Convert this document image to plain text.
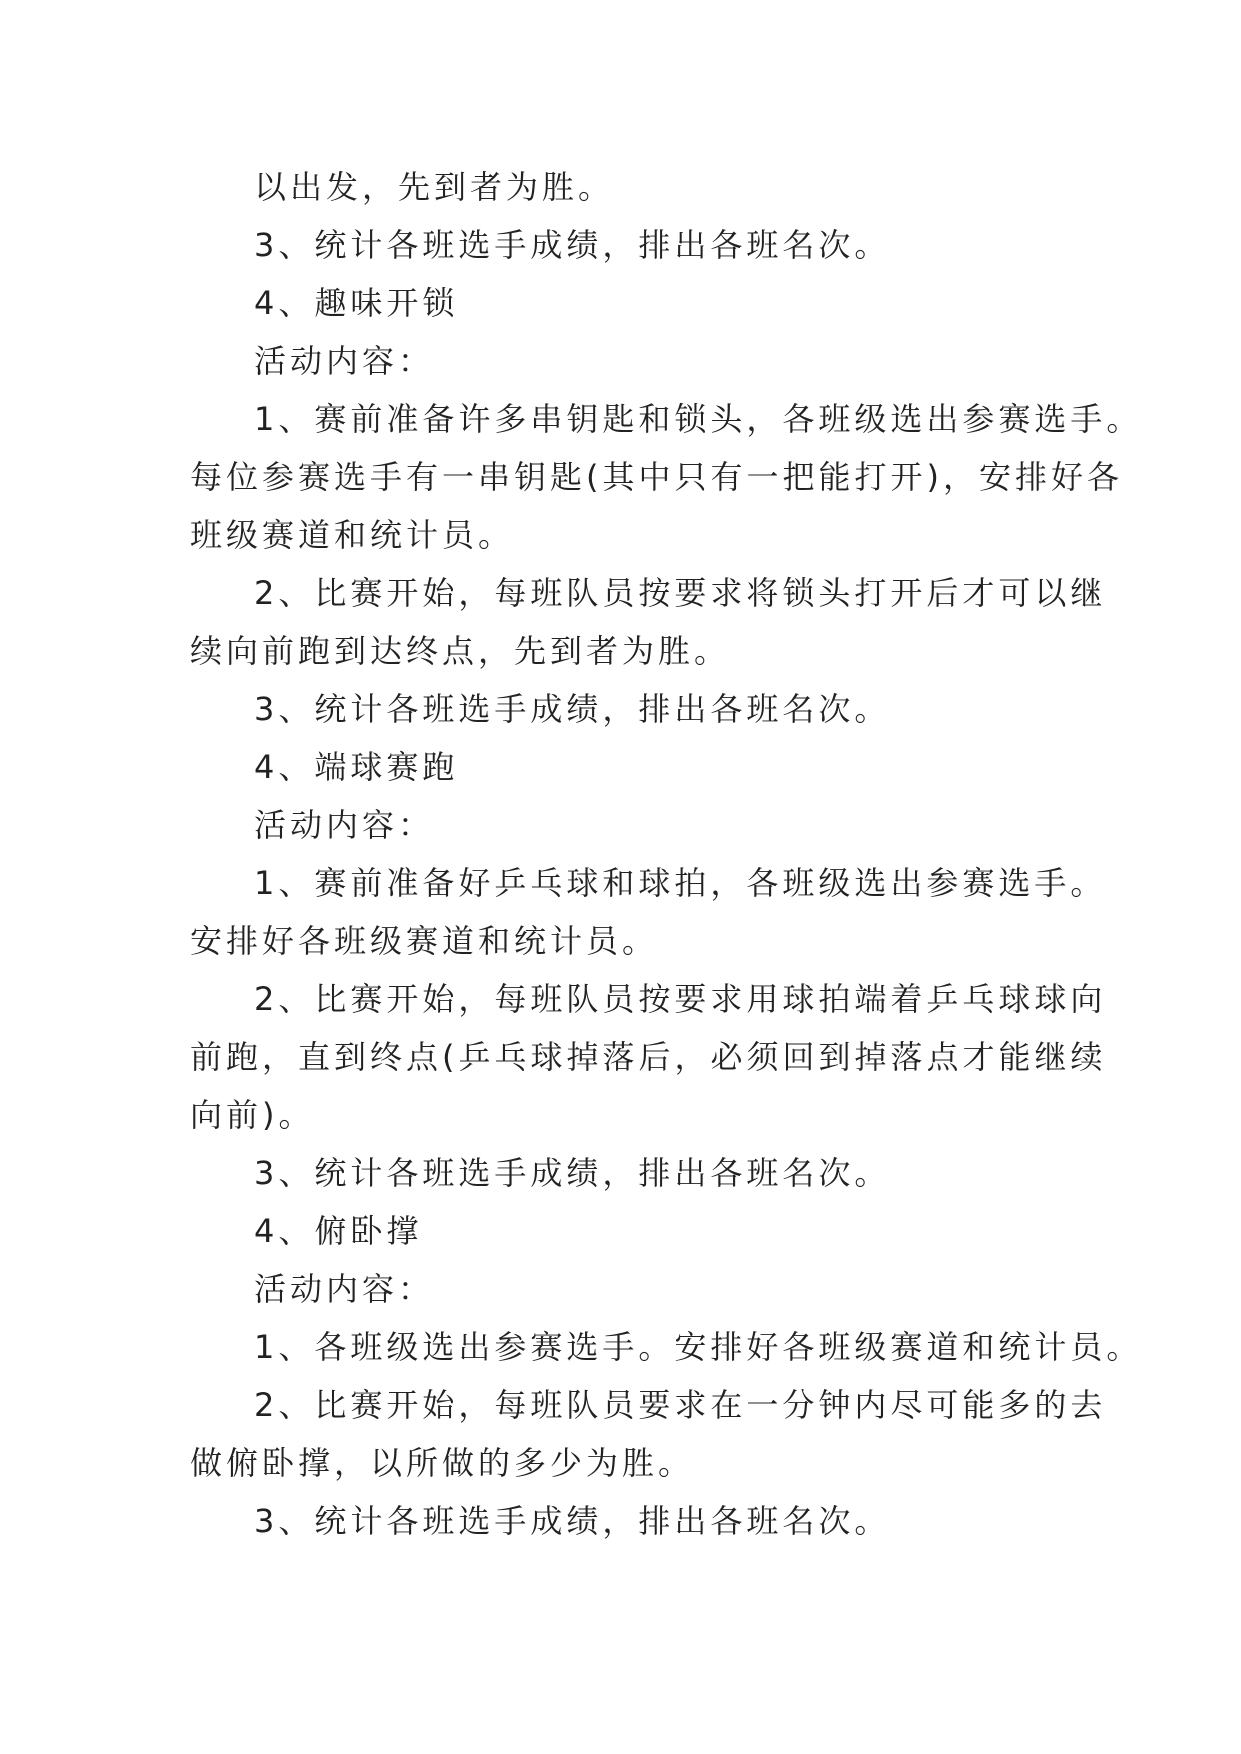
以出发，先到者为胜。

3、统计各班选手成绩，排出各班名次。

4、趣味开锁

活动内容：

1、赛前准备许多串钥匙和锁头，各班级选出参赛选手。

每位参赛选手有一串钥匙(其中只有一把能打开)，安排好各

班级赛道和统计员。

2、比赛开始，每班队员按要求将锁头打开后才可以继

续向前跑到达终点，先到者为胜。

3、统计各班选手成绩，排出各班名次。

4、端球赛跑

活动内容：

1、赛前准备好乒乓球和球拍，各班级选出参赛选手。

安排好各班级赛道和统计员。

2、比赛开始，每班队员按要求用球拍端着乒乓球球向

前跑，直到终点(乒乓球掉落后，必须回到掉落点才能继续

向前)。

3、统计各班选手成绩，排出各班名次。

4、俯卧撑

活动内容：

1、各班级选出参赛选手。安排好各班级赛道和统计员。

2、比赛开始，每班队员要求在一分钟内尽可能多的去

做俯卧撑，以所做的多少为胜。

3、统计各班选手成绩，排出各班名次。
